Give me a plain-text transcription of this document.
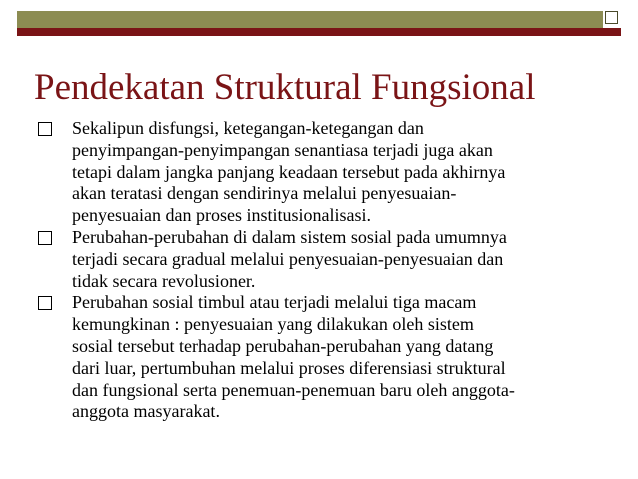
Pendekatan Struktural Fungsional
Sekalipun disfungsi, ketegangan-ketegangan dan
penyimpangan-penyimpangan senantiasa terjadi juga akan
tetapi dalam jangka panjang keadaan tersebut pada akhirnya
akan teratasi dengan sendirinya melalui penyesuaian-
penyesuaian dan proses institusionalisasi.
Perubahan-perubahan di dalam sistem sosial pada umumnya
terjadi secara gradual melalui penyesuaian-penyesuaian dan
tidak secara revolusioner.
Perubahan sosial timbul atau terjadi melalui tiga macam
kemungkinan : penyesuaian yang dilakukan oleh sistem
sosial tersebut terhadap perubahan-perubahan yang datang
dari luar, pertumbuhan melalui proses diferensiasi struktural
dan fungsional serta penemuan-penemuan baru oleh anggota-
anggota masyarakat.
